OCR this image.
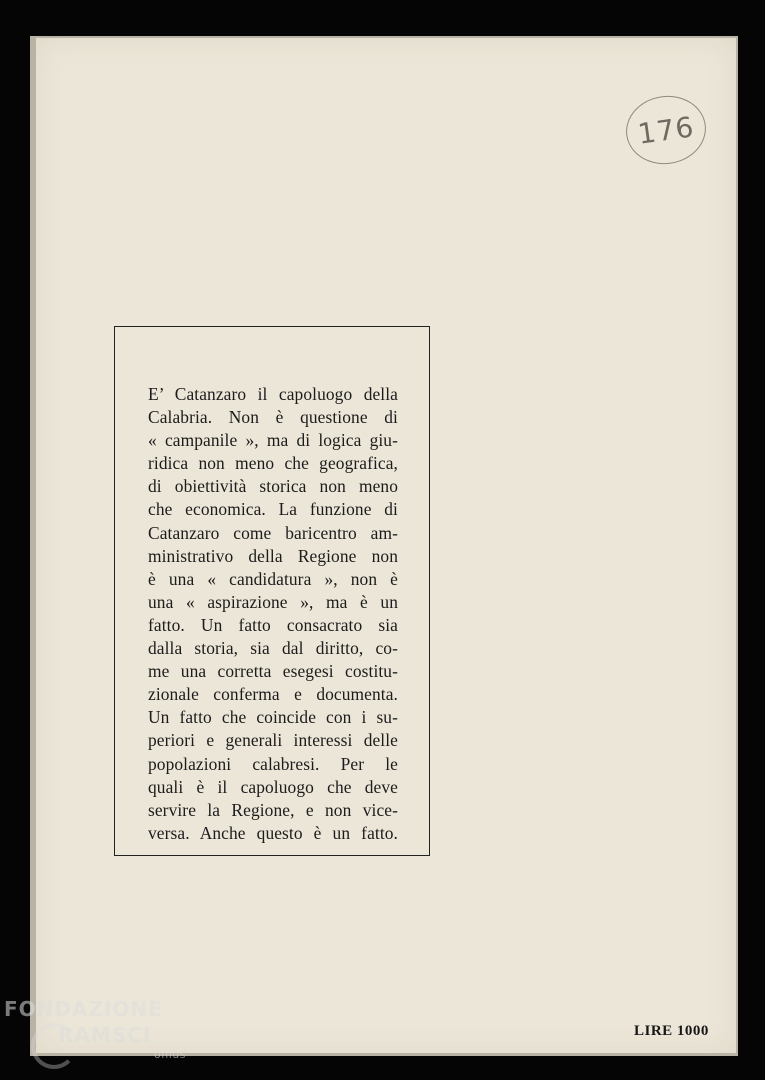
176

E’ Catanzaro il capoluogo della
Calabria. Non è questione di
« campanile », ma di logica giu-
ridica non meno che geografica,
di obiettività storica non meno
che economica. La funzione di
Catanzaro come baricentro am-
ministrativo della Regione non
è una « candidatura », non è
una « aspirazione », ma è un
fatto. Un fatto consacrato sia
dalla storia, sia dal diritto, co-
me una corretta esegesi costitu-
zionale conferma e documenta.
Un fatto che coincide con i su-
periori e generali interessi delle
popolazioni calabresi. Per le
quali è il capoluogo che deve
servire la Regione, e non vice-
versa. Anche questo è un fatto.

LIRE 1000
FONDAZIONE
RAMSCI
onlus
